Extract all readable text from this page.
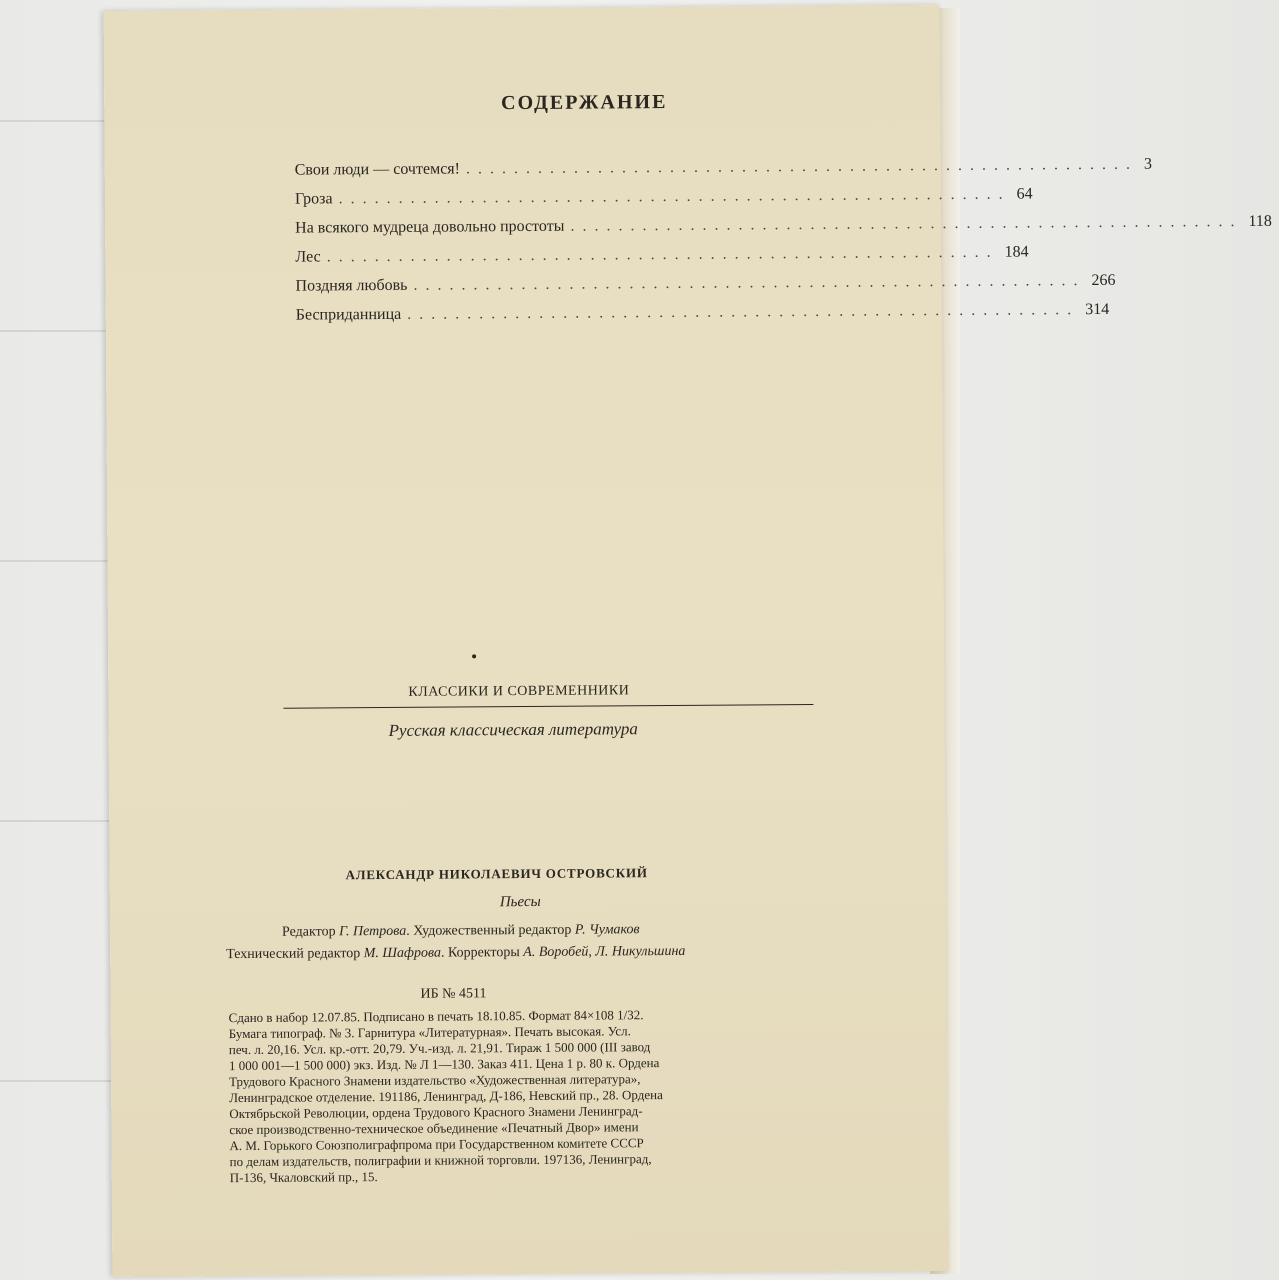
СОДЕРЖАНИЕ
Свои люди — сочтемся! ........................................................ 3
Гроза ........................................................ 64
На всякого мудреца довольно простоты ........................................................ 118
Лес ........................................................ 184
Поздняя любовь ........................................................ 266
Бесприданница ........................................................ 314
КЛАССИКИ И СОВРЕМЕННИКИ
Русская классическая литература
АЛЕКСАНДР НИКОЛАЕВИЧ ОСТРОВСКИЙ
Пьесы
Редактор Г. Петрова. Художественный редактор Р. Чумаков
Технический редактор М. Шафрова. Корректоры А. Воробей, Л. Никульшина
ИБ № 4511
Сдано в набор 12.07.85. Подписано в печать 18.10.85. Формат 84×108 1/32.
Бумага типограф. № 3. Гарнитура «Литературная». Печать высокая. Усл.
печ. л. 20,16. Усл. кр.-отт. 20,79. Уч.-изд. л. 21,91. Тираж 1 500 000 (III завод
1 000 001—1 500 000) экз. Изд. № Л 1—130. Заказ 411. Цена 1 р. 80 к. Ордена
Трудового Красного Знамени издательство «Художественная литература»,
Ленинградское отделение. 191186, Ленинград, Д-186, Невский пр., 28. Ордена
Октябрьской Революции, ордена Трудового Красного Знамени Ленинград-
ское производственно-техническое объединение «Печатный Двор» имени
А. М. Горького Союзполиграфпрома при Государственном комитете СССР
по делам издательств, полиграфии и книжной торговли. 197136, Ленинград,
П-136, Чкаловский пр., 15.
